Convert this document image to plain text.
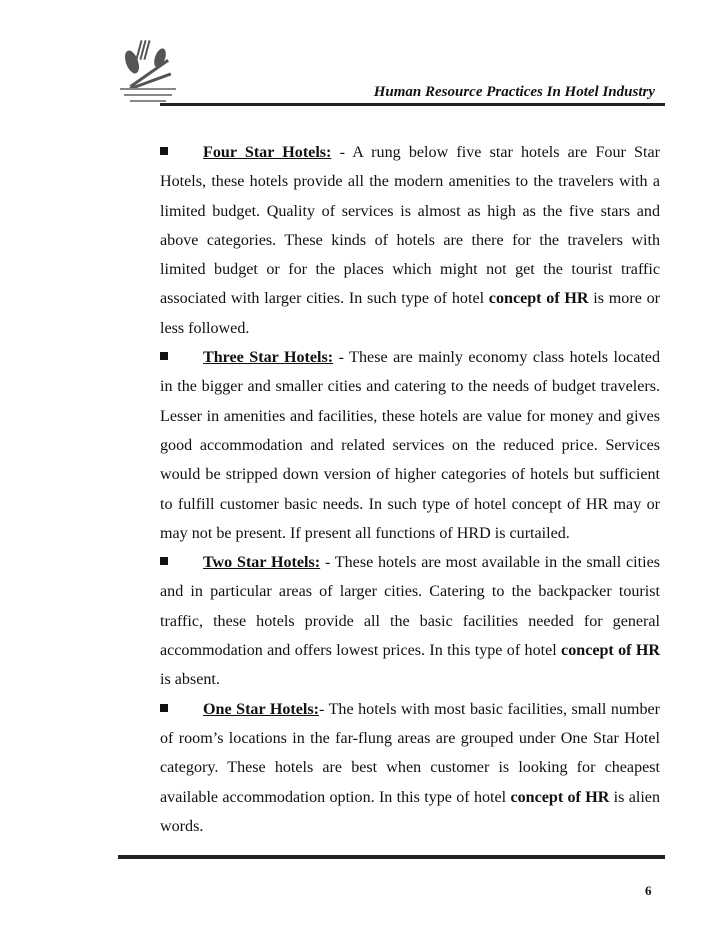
Human Resource Practices In Hotel Industry

Four Star Hotels: - A rung below five star hotels are Four Star Hotels, these hotels provide all the modern amenities to the travelers with a limited budget. Quality of services is almost as high as the five stars and above categories. These kinds of hotels are there for the travelers with limited budget or for the places which might not get the tourist traffic associated with larger cities. In such type of hotel concept of HR is more or less followed.

Three Star Hotels: - These are mainly economy class hotels located in the bigger and smaller cities and catering to the needs of budget travelers. Lesser in amenities and facilities, these hotels are value for money and gives good accommodation and related services on the reduced price. Services would be stripped down version of higher categories of hotels but sufficient to fulfill customer basic needs. In such type of hotel concept of HR may or may not be present. If present all functions of HRD is curtailed.

Two Star Hotels: - These hotels are most available in the small cities and in particular areas of larger cities. Catering to the backpacker tourist traffic, these hotels provide all the basic facilities needed for general accommodation and offers lowest prices. In this type of hotel concept of HR is absent.

One Star Hotels:- The hotels with most basic facilities, small number of room’s locations in the far-flung areas are grouped under One Star Hotel category. These hotels are best when customer is looking for cheapest available accommodation option. In this type of hotel concept of HR is alien words.

6
